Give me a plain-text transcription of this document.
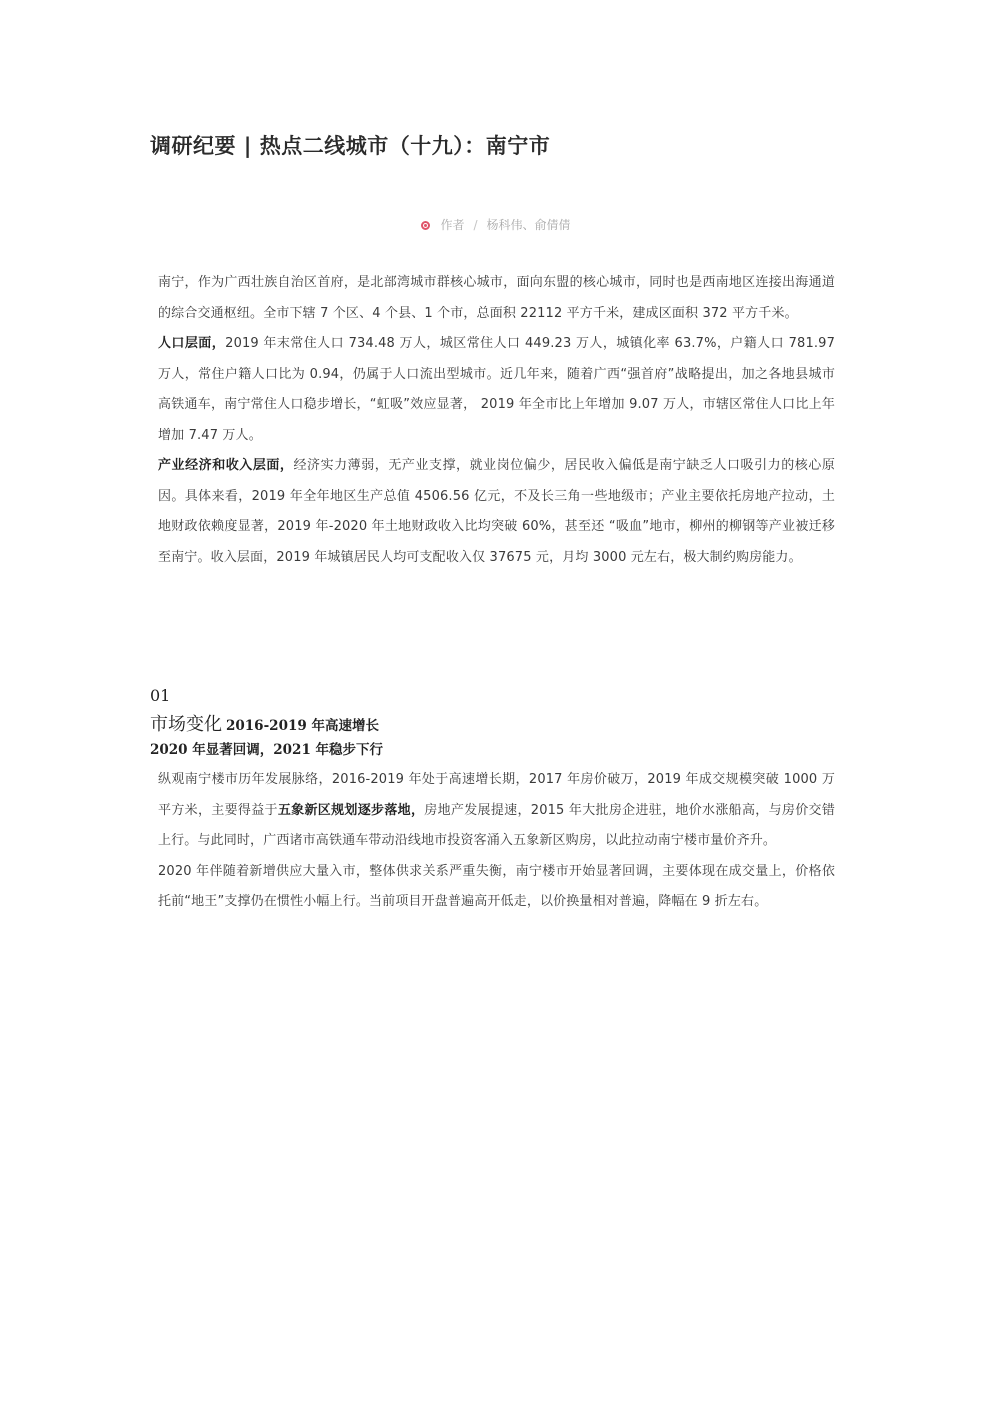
调研纪要 | 热点二线城市（十九）：南宁市
作者 / 杨科伟、俞倩倩

南宁，作为广西壮族自治区首府，是北部湾城市群核心城市，面向东盟的核心城市，同时也是西南地区连接出海通道的综合交通枢纽。全市下辖 7 个区、4 个县、1 个市，总面积 22112 平方千米，建成区面积 372 平方千米。

人口层面，2019 年末常住人口 734.48 万人，城区常住人口 449.23 万人，城镇化率 63.7%，户籍人口 781.97 万人，常住户籍人口比为 0.94，仍属于人口流出型城市。近几年来，随着广西“强首府”战略提出，加之各地县城市高铁通车，南宁常住人口稳步增长，“虹吸”效应显著， 2019 年全市比上年增加 9.07 万人，市辖区常住人口比上年增加 7.47 万人。

产业经济和收入层面，经济实力薄弱，无产业支撑，就业岗位偏少，居民收入偏低是南宁缺乏人口吸引力的核心原因。具体来看，2019 年全年地区生产总值 4506.56 亿元，不及长三角一些地级市；产业主要依托房地产拉动，土地财政依赖度显著，2019 年-2020 年土地财政收入比均突破 60%，甚至还 “吸血”地市，柳州的柳钢等产业被迁移至南宁。收入层面，2019 年城镇居民人均可支配收入仅 37675 元，月均 3000 元左右，极大制约购房能力。

01
市场变化 2016-2019 年高速增长
2020 年显著回调，2021 年稳步下行

纵观南宁楼市历年发展脉络，2016-2019 年处于高速增长期，2017 年房价破万，2019 年成交规模突破 1000 万平方米，主要得益于五象新区规划逐步落地，房地产发展提速，2015 年大批房企进驻，地价水涨船高，与房价交错上行。与此同时，广西诸市高铁通车带动沿线地市投资客涌入五象新区购房，以此拉动南宁楼市量价齐升。

2020 年伴随着新增供应大量入市，整体供求关系严重失衡，南宁楼市开始显著回调，主要体现在成交量上，价格依托前“地王”支撑仍在惯性小幅上行。当前项目开盘普遍高开低走，以价换量相对普遍，降幅在 9 折左右。
